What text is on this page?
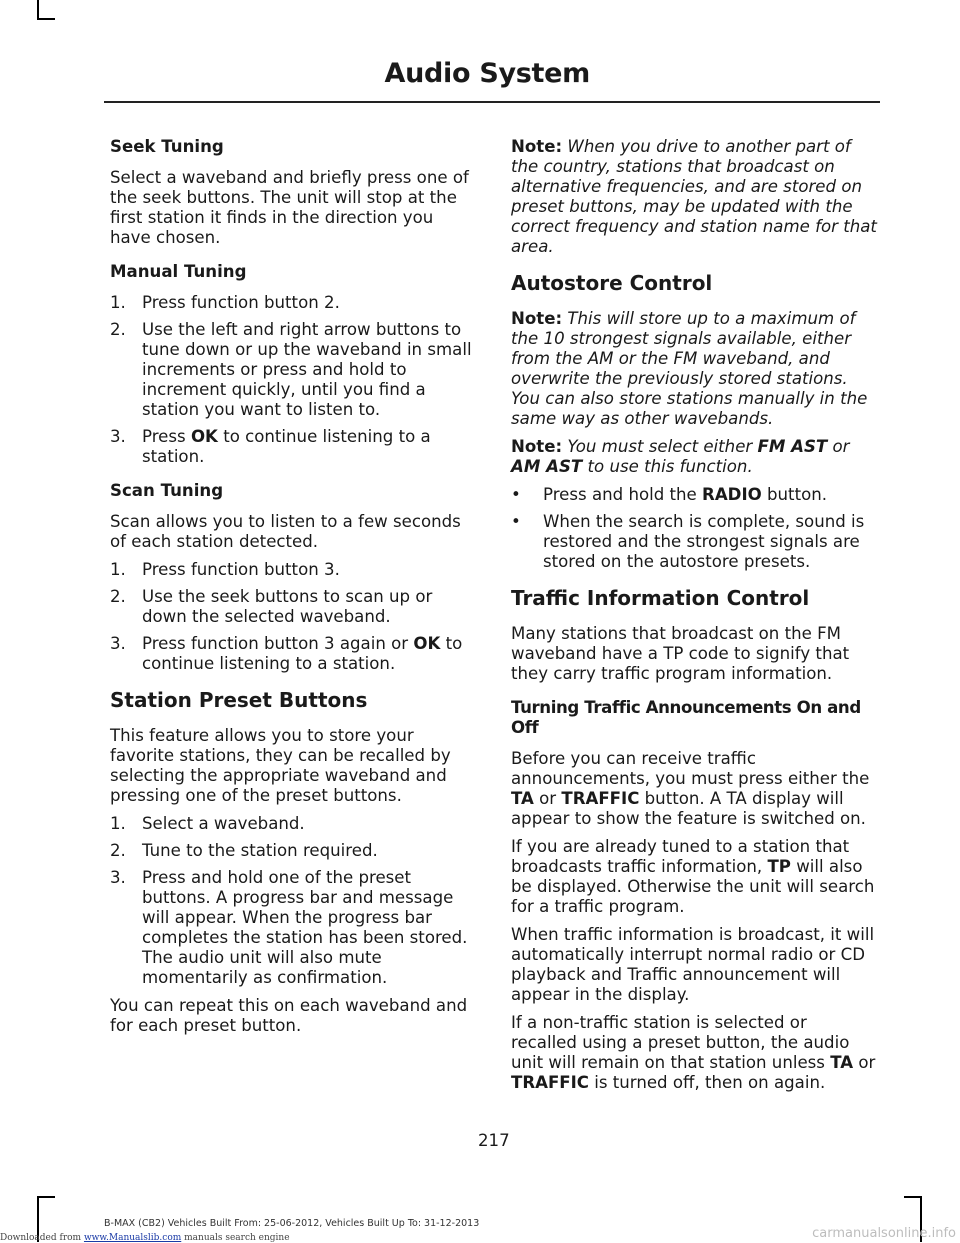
Audio System
Seek Tuning

Select a waveband and briefly press one of the seek buttons. The unit will stop at the first station it finds in the direction you have chosen.

Manual Tuning
1. Press function button 2.
2. Use the left and right arrow buttons to tune down or up the waveband in small increments or press and hold to increment quickly, until you find a station you want to listen to.
3. Press OK to continue listening to a station.
Scan Tuning

Scan allows you to listen to a few seconds of each station detected.

1. Press function button 3.
2. Use the seek buttons to scan up or down the selected waveband.
3. Press function button 3 again or OK to continue listening to a station.
Station Preset Buttons

This feature allows you to store your favorite stations, they can be recalled by selecting the appropriate waveband and pressing one of the preset buttons.

1. Select a waveband.
2. Tune to the station required.
3. Press and hold one of the preset buttons. A progress bar and message will appear. When the progress bar completes the station has been stored. The audio unit will also mute momentarily as confirmation.

You can repeat this on each waveband and for each preset button.

Note: When you drive to another part of the country, stations that broadcast on alternative frequencies, and are stored on preset buttons, may be updated with the correct frequency and station name for that area.

Autostore Control

Note: This will store up to a maximum of the 10 strongest signals available, either from the AM or the FM waveband, and overwrite the previously stored stations. You can also store stations manually in the same way as other wavebands.

Note: You must select either FM AST or AM AST to use this function.

• Press and hold the RADIO button.
• When the search is complete, sound is restored and the strongest signals are stored on the autostore presets.
Traffic Information Control

Many stations that broadcast on the FM waveband have a TP code to signify that they carry traffic program information.

Turning Traffic Announcements On and Off

Before you can receive traffic announcements, you must press either the TA or TRAFFIC button. A TA display will appear to show the feature is switched on.

If you are already tuned to a station that broadcasts traffic information, TP will also be displayed. Otherwise the unit will search for a traffic program.

When traffic information is broadcast, it will automatically interrupt normal radio or CD playback and Traffic announcement will appear in the display.

If a non-traffic station is selected or recalled using a preset button, the audio unit will remain on that station unless TA or TRAFFIC is turned off, then on again.

217
B-MAX (CB2) Vehicles Built From: 25-06-2012, Vehicles Built Up To: 31-12-2013
Downloaded from www.Manualslib.com manuals search engine	carmanualsonline.info
